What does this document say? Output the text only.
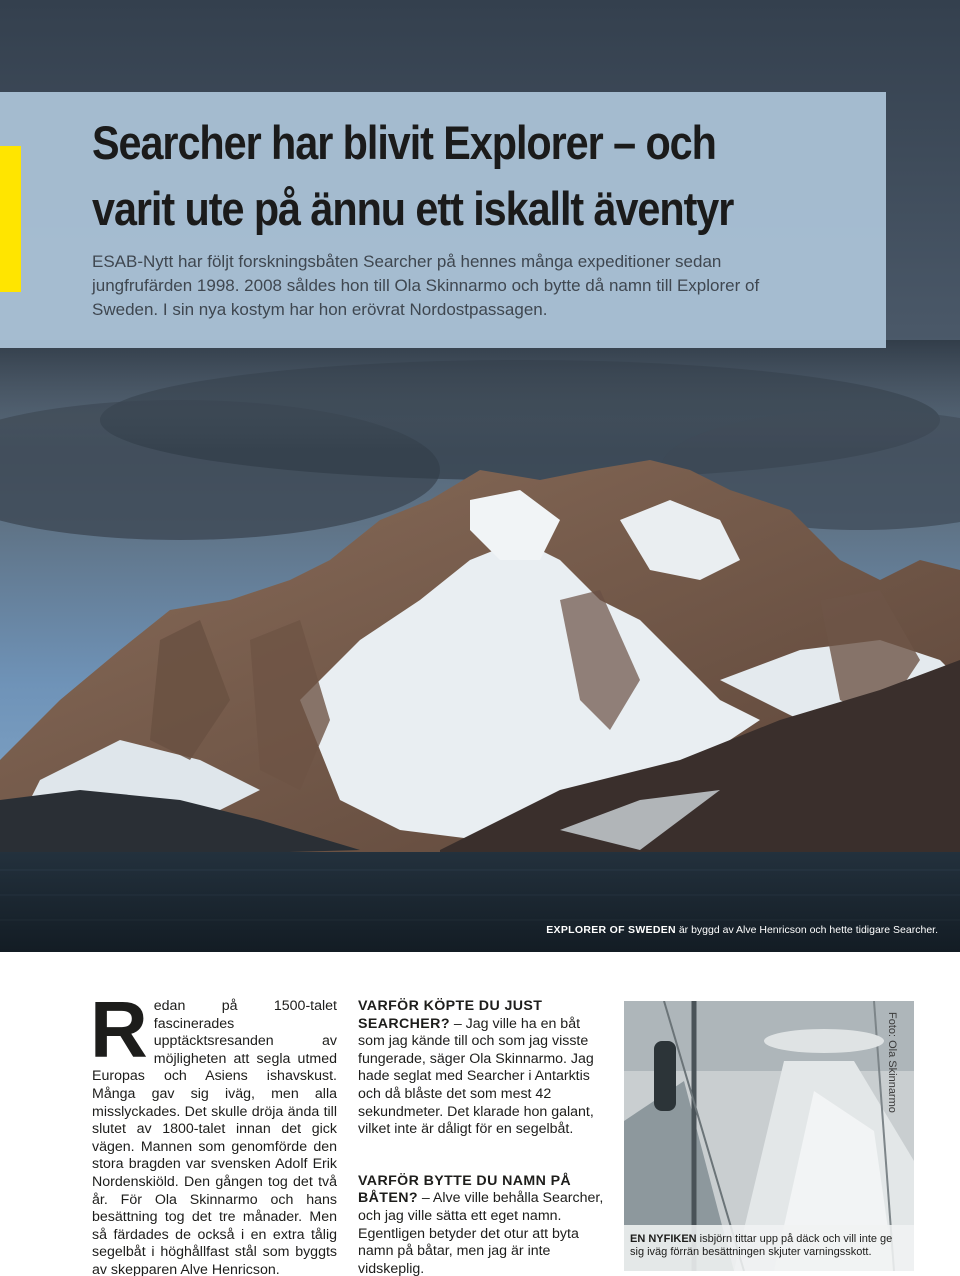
Searcher har blivit Explorer – och
varit ute på ännu ett iskallt äventyr

ESAB-Nytt har följt forskningsbåten Searcher på hennes många expeditioner sedan jungfrufärden 1998. 2008 såldes hon till Ola Skinnarmo och bytte då namn till Explorer of Sweden. I sin nya kostym har hon erövrat Nordostpassagen.

EXPLORER OF SWEDEN är byggd av Alve Henricson och hette tidigare Searcher.
Redan på 1500-talet fascinerades upptäcktsresanden av möjligheten att segla utmed Europas och Asiens ishavskust. Många gav sig iväg, men alla misslyckades. Det skulle dröja ända till slutet av 1800-talet innan det gick vägen. Mannen som genomförde den stora bragden var svensken Adolf Erik Nordenskiöld. Den gången tog det två år. För Ola Skinnarmo och hans besättning tog det tre månader. Men så färdades de också i en extra tålig segelbåt i höghållfast stål som byggts av skepparen Alve Henricson.

VARFÖR KÖPTE DU JUST SEARCHER? – Jag ville ha en båt som jag kände till och som jag visste fungerade, säger Ola Skinnarmo. Jag hade seglat med Searcher i Antarktis och då blåste det som mest 42 sekundmeter. Det klarade hon galant, vilket inte är dåligt för en segelbåt.

VARFÖR BYTTE DU NAMN PÅ BÅTEN? – Alve ville behålla Searcher, och jag ville sätta ett eget namn. Egentligen betyder det otur att byta namn på båtar, men jag är inte vidskeplig.

EN NYFIKEN isbjörn tittar upp på däck och vill inte ge sig iväg förrän besättningen skjuter varningsskott.
Foto: Ola Skinnarmo
